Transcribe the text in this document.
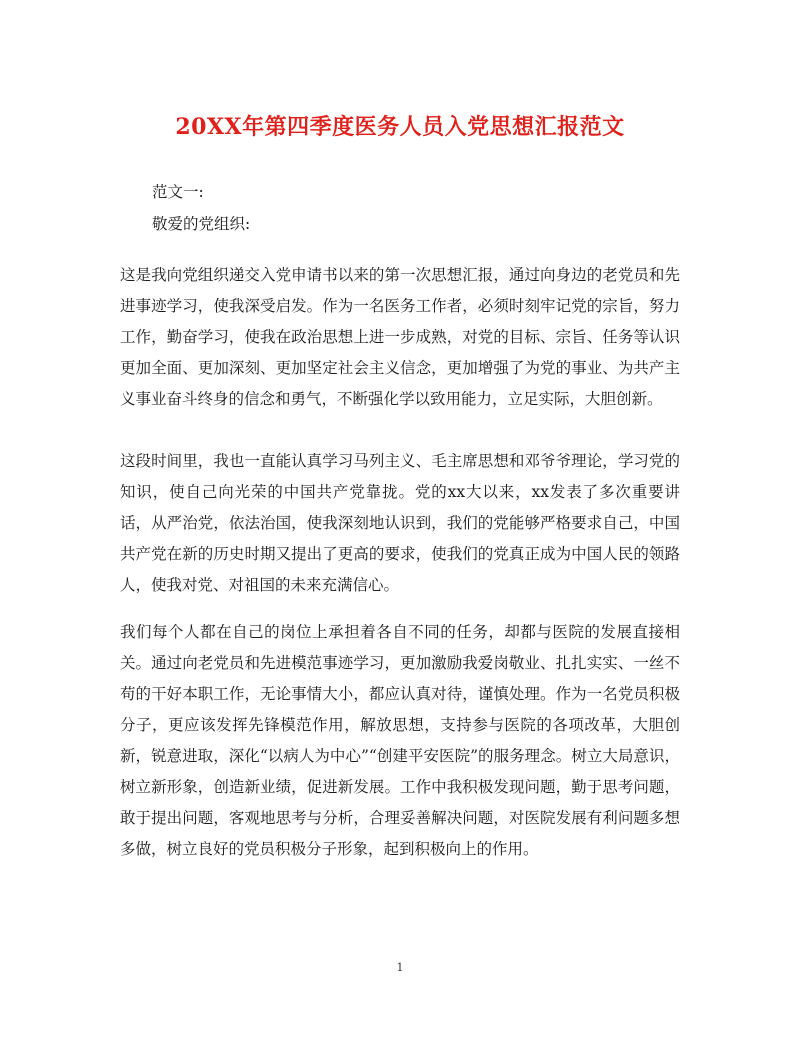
20XX年第四季度医务人员入党思想汇报范文
范文一:
敬爱的党组织:

这是我向党组织递交入党申请书以来的第一次思想汇报，通过向身边的老党员和先进事迹学习，使我深受启发。作为一名医务工作者，必须时刻牢记党的宗旨，努力工作，勤奋学习，使我在政治思想上进一步成熟，对党的目标、宗旨、任务等认识更加全面、更加深刻、更加坚定社会主义信念，更加增强了为党的事业、为共产主义事业奋斗终身的信念和勇气，不断强化学以致用能力，立足实际，大胆创新。

这段时间里，我也一直能认真学习马列主义、毛主席思想和邓爷爷理论，学习党的知识，使自己向光荣的中国共产党靠拢。党的xx大以来，xx发表了多次重要讲话，从严治党，依法治国，使我深刻地认识到，我们的党能够严格要求自己，中国共产党在新的历史时期又提出了更高的要求，使我们的党真正成为中国人民的领路人，使我对党、对祖国的未来充满信心。

我们每个人都在自己的岗位上承担着各自不同的任务，却都与医院的发展直接相关。通过向老党员和先进模范事迹学习，更加激励我爱岗敬业、扎扎实实、一丝不苟的干好本职工作，无论事情大小，都应认真对待，谨慎处理。作为一名党员积极分子，更应该发挥先锋模范作用，解放思想，支持参与医院的各项改革，大胆创新，锐意进取，深化“以病人为中心”“创建平安医院”的服务理念。树立大局意识，树立新形象，创造新业绩，促进新发展。工作中我积极发现问题，勤于思考问题，敢于提出问题，客观地思考与分析，合理妥善解决问题，对医院发展有利问题多想多做，树立良好的党员积极分子形象，起到积极向上的作用。

1
